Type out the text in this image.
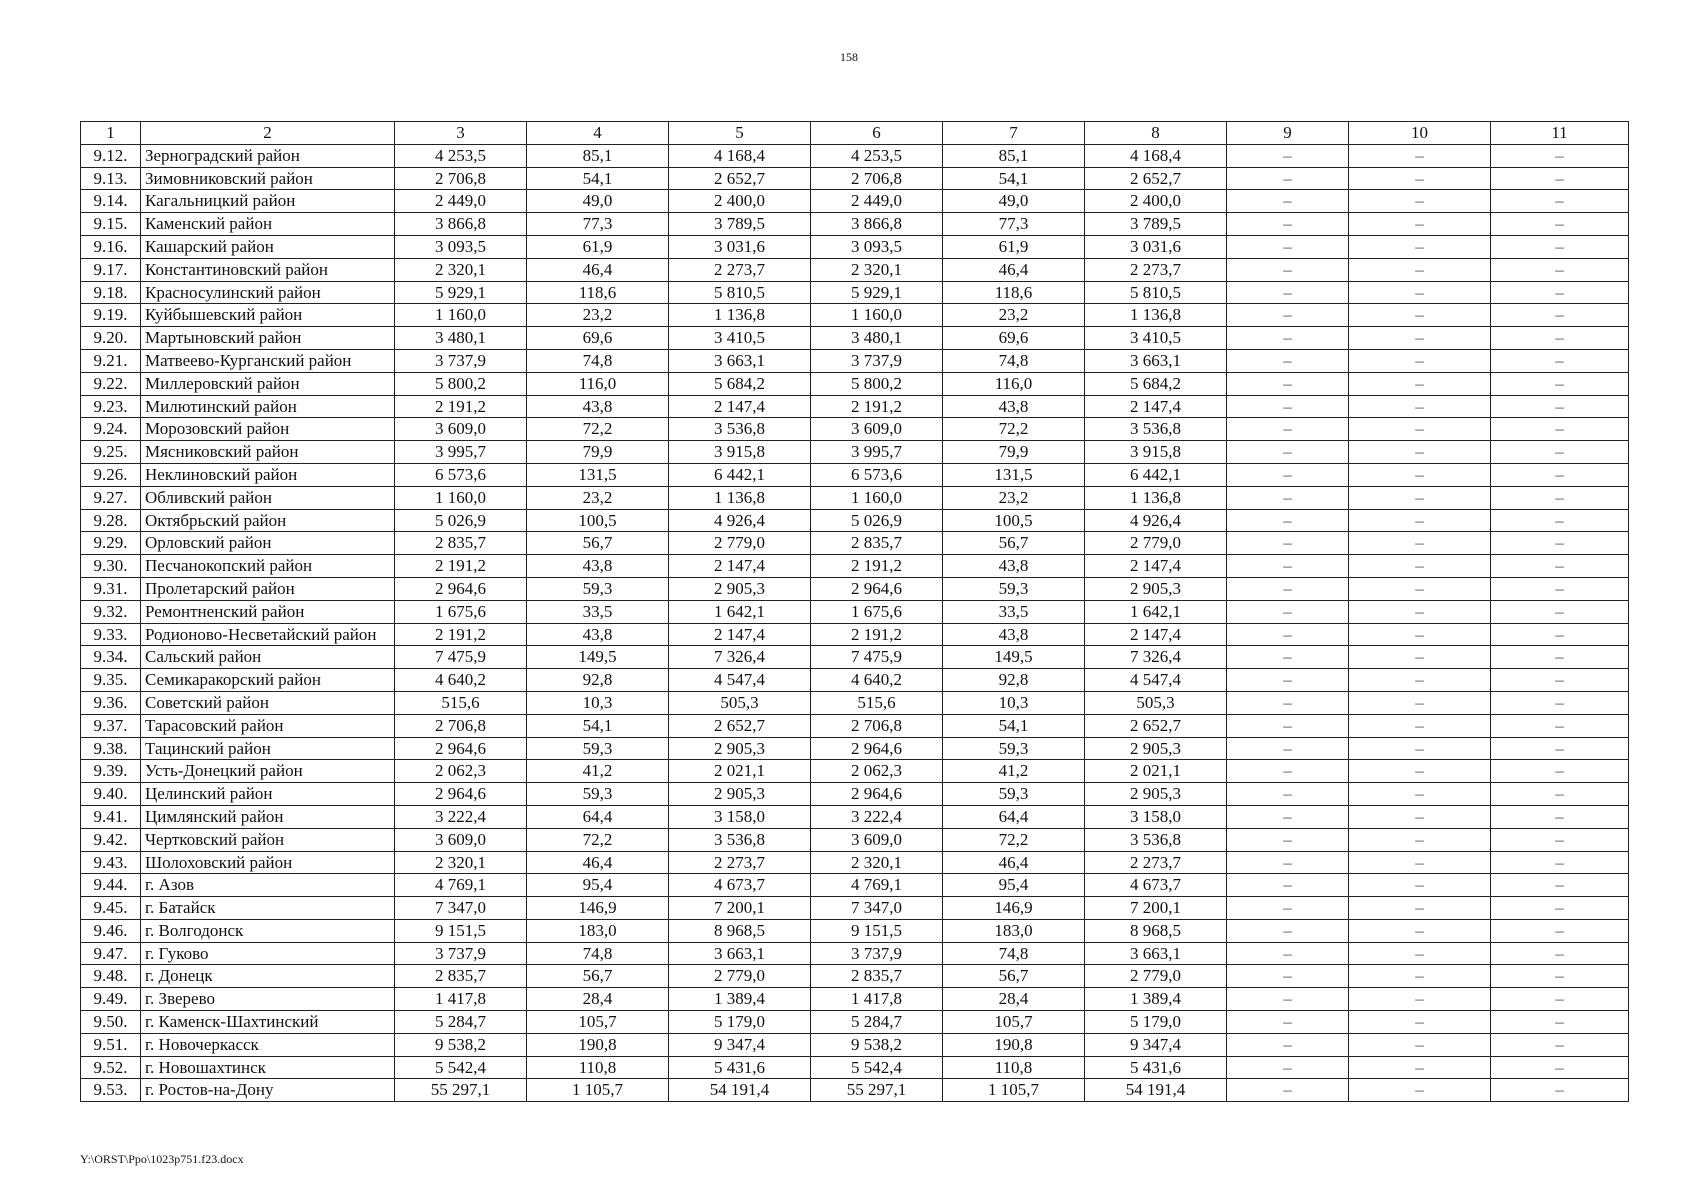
158
1	2	3	4	5	6	7	8	9	10	11
9.12.	Зерноградский район	4 253,5	85,1	4 168,4	4 253,5	85,1	4 168,4	–	–	–
9.13.	Зимовниковский район	2 706,8	54,1	2 652,7	2 706,8	54,1	2 652,7	–	–	–
9.14.	Кагальницкий район	2 449,0	49,0	2 400,0	2 449,0	49,0	2 400,0	–	–	–
9.15.	Каменский район	3 866,8	77,3	3 789,5	3 866,8	77,3	3 789,5	–	–	–
9.16.	Кашарский район	3 093,5	61,9	3 031,6	3 093,5	61,9	3 031,6	–	–	–
9.17.	Константиновский район	2 320,1	46,4	2 273,7	2 320,1	46,4	2 273,7	–	–	–
9.18.	Красносулинский район	5 929,1	118,6	5 810,5	5 929,1	118,6	5 810,5	–	–	–
9.19.	Куйбышевский район	1 160,0	23,2	1 136,8	1 160,0	23,2	1 136,8	–	–	–
9.20.	Мартыновский район	3 480,1	69,6	3 410,5	3 480,1	69,6	3 410,5	–	–	–
9.21.	Матвеево-Курганский район	3 737,9	74,8	3 663,1	3 737,9	74,8	3 663,1	–	–	–
9.22.	Миллеровский район	5 800,2	116,0	5 684,2	5 800,2	116,0	5 684,2	–	–	–
9.23.	Милютинский район	2 191,2	43,8	2 147,4	2 191,2	43,8	2 147,4	–	–	–
9.24.	Морозовский район	3 609,0	72,2	3 536,8	3 609,0	72,2	3 536,8	–	–	–
9.25.	Мясниковский район	3 995,7	79,9	3 915,8	3 995,7	79,9	3 915,8	–	–	–
9.26.	Неклиновский район	6 573,6	131,5	6 442,1	6 573,6	131,5	6 442,1	–	–	–
9.27.	Обливский район	1 160,0	23,2	1 136,8	1 160,0	23,2	1 136,8	–	–	–
9.28.	Октябрьский район	5 026,9	100,5	4 926,4	5 026,9	100,5	4 926,4	–	–	–
9.29.	Орловский район	2 835,7	56,7	2 779,0	2 835,7	56,7	2 779,0	–	–	–
9.30.	Песчанокопский район	2 191,2	43,8	2 147,4	2 191,2	43,8	2 147,4	–	–	–
9.31.	Пролетарский район	2 964,6	59,3	2 905,3	2 964,6	59,3	2 905,3	–	–	–
9.32.	Ремонтненский район	1 675,6	33,5	1 642,1	1 675,6	33,5	1 642,1	–	–	–
9.33.	Родионово-Несветайский район	2 191,2	43,8	2 147,4	2 191,2	43,8	2 147,4	–	–	–
9.34.	Сальский район	7 475,9	149,5	7 326,4	7 475,9	149,5	7 326,4	–	–	–
9.35.	Семикаракорский район	4 640,2	92,8	4 547,4	4 640,2	92,8	4 547,4	–	–	–
9.36.	Советский район	515,6	10,3	505,3	515,6	10,3	505,3	–	–	–
9.37.	Тарасовский район	2 706,8	54,1	2 652,7	2 706,8	54,1	2 652,7	–	–	–
9.38.	Тацинский район	2 964,6	59,3	2 905,3	2 964,6	59,3	2 905,3	–	–	–
9.39.	Усть-Донецкий район	2 062,3	41,2	2 021,1	2 062,3	41,2	2 021,1	–	–	–
9.40.	Целинский район	2 964,6	59,3	2 905,3	2 964,6	59,3	2 905,3	–	–	–
9.41.	Цимлянский район	3 222,4	64,4	3 158,0	3 222,4	64,4	3 158,0	–	–	–
9.42.	Чертковский район	3 609,0	72,2	3 536,8	3 609,0	72,2	3 536,8	–	–	–
9.43.	Шолоховский район	2 320,1	46,4	2 273,7	2 320,1	46,4	2 273,7	–	–	–
9.44.	г. Азов	4 769,1	95,4	4 673,7	4 769,1	95,4	4 673,7	–	–	–
9.45.	г. Батайск	7 347,0	146,9	7 200,1	7 347,0	146,9	7 200,1	–	–	–
9.46.	г. Волгодонск	9 151,5	183,0	8 968,5	9 151,5	183,0	8 968,5	–	–	–
9.47.	г. Гуково	3 737,9	74,8	3 663,1	3 737,9	74,8	3 663,1	–	–	–
9.48.	г. Донецк	2 835,7	56,7	2 779,0	2 835,7	56,7	2 779,0	–	–	–
9.49.	г. Зверево	1 417,8	28,4	1 389,4	1 417,8	28,4	1 389,4	–	–	–
9.50.	г. Каменск-Шахтинский	5 284,7	105,7	5 179,0	5 284,7	105,7	5 179,0	–	–	–
9.51.	г. Новочеркасск	9 538,2	190,8	9 347,4	9 538,2	190,8	9 347,4	–	–	–
9.52.	г. Новошахтинск	5 542,4	110,8	5 431,6	5 542,4	110,8	5 431,6	–	–	–
9.53.	г. Ростов-на-Дону	55 297,1	1 105,7	54 191,4	55 297,1	1 105,7	54 191,4	–	–	–
Y:\ORST\Ppo\1023p751.f23.docx
